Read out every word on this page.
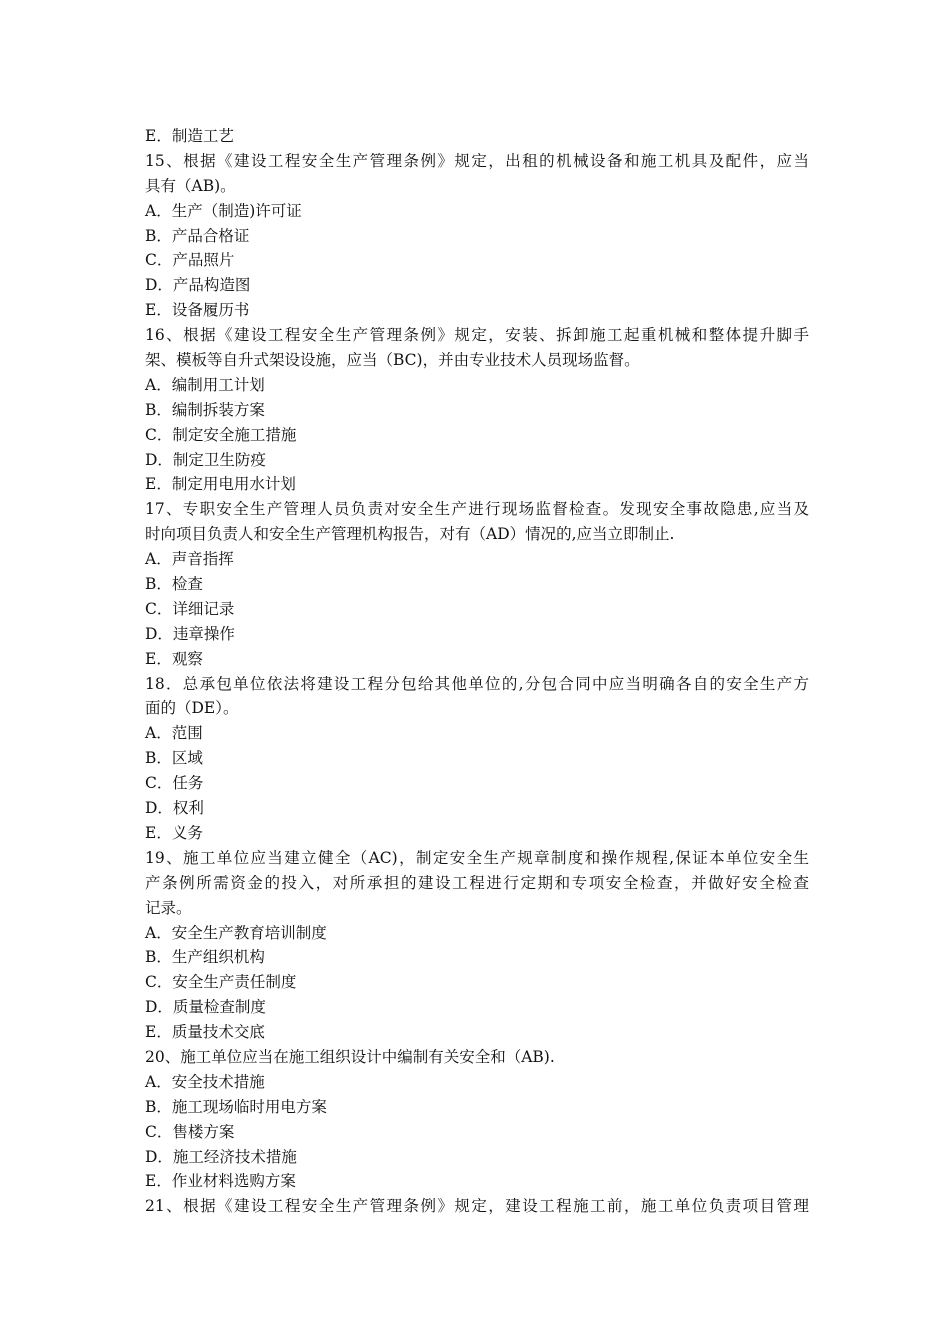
E．制造工艺
15、根据《建设工程安全生产管理条例》规定，出租的机械设备和施工机具及配件，应当
具有（AB)。
A．生产（制造)许可证
B．产品合格证
C．产品照片
D．产品构造图
E．设备履历书
16、根据《建设工程安全生产管理条例》规定，安装、拆卸施工起重机械和整体提升脚手
架、模板等自升式架设设施，应当（BC)，并由专业技术人员现场监督。
A．编制用工计划
B．编制拆装方案
C．制定安全施工措施
D．制定卫生防疫
E．制定用电用水计划
17、专职安全生产管理人员负责对安全生产进行现场监督检查。发现安全事故隐患,应当及
时向项目负责人和安全生产管理机构报告，对有（AD）情况的,应当立即制止.
A．声音指挥
B．检查
C．详细记录
D．违章操作
E．观察
18．总承包单位依法将建设工程分包给其他单位的,分包合同中应当明确各自的安全生产方
面的（DE）。
A．范围
B．区域
C．任务
D．权利
E．义务
19、施工单位应当建立健全（AC)，制定安全生产规章制度和操作规程,保证本单位安全生
产条例所需资金的投入，对所承担的建设工程进行定期和专项安全检查，并做好安全检查
记录。
A．安全生产教育培训制度
B．生产组织机构
C．安全生产责任制度
D．质量检查制度
E．质量技术交底
20、施工单位应当在施工组织设计中编制有关安全和（AB).
A．安全技术措施
B．施工现场临时用电方案
C．售楼方案
D．施工经济技术措施
E．作业材料选购方案
21、根据《建设工程安全生产管理条例》规定，建设工程施工前，施工单位负责项目管理
